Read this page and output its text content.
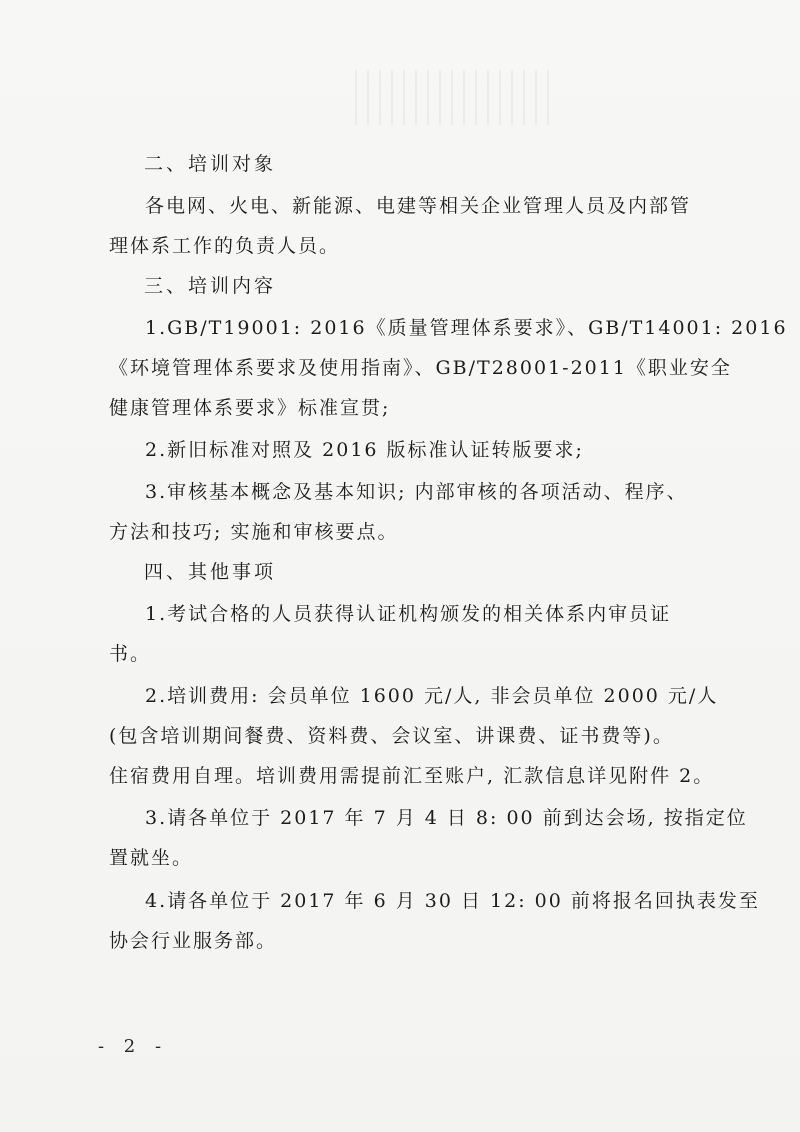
二、培训对象
各电网、火电、新能源、电建等相关企业管理人员及内部管
理体系工作的负责人员。
三、培训内容
1.GB/T19001: 2016《质量管理体系要求》、GB/T14001: 2016
《环境管理体系要求及使用指南》、GB/T28001-2011《职业安全
健康管理体系要求》标准宣贯;
2.新旧标准对照及 2016 版标准认证转版要求;
3.审核基本概念及基本知识; 内部审核的各项活动、程序、
方法和技巧; 实施和审核要点。
四、其他事项
1.考试合格的人员获得认证机构颁发的相关体系内审员证
书。
2.培训费用: 会员单位 1600 元/人, 非会员单位 2000 元/人
(包含培训期间餐费、资料费、会议室、讲课费、证书费等)。
住宿费用自理。培训费用需提前汇至账户, 汇款信息详见附件 2。
3.请各单位于 2017 年 7 月 4 日 8: 00 前到达会场, 按指定位
置就坐。
4.请各单位于 2017 年 6 月 30 日 12: 00 前将报名回执表发至
协会行业服务部。
- 2 -
